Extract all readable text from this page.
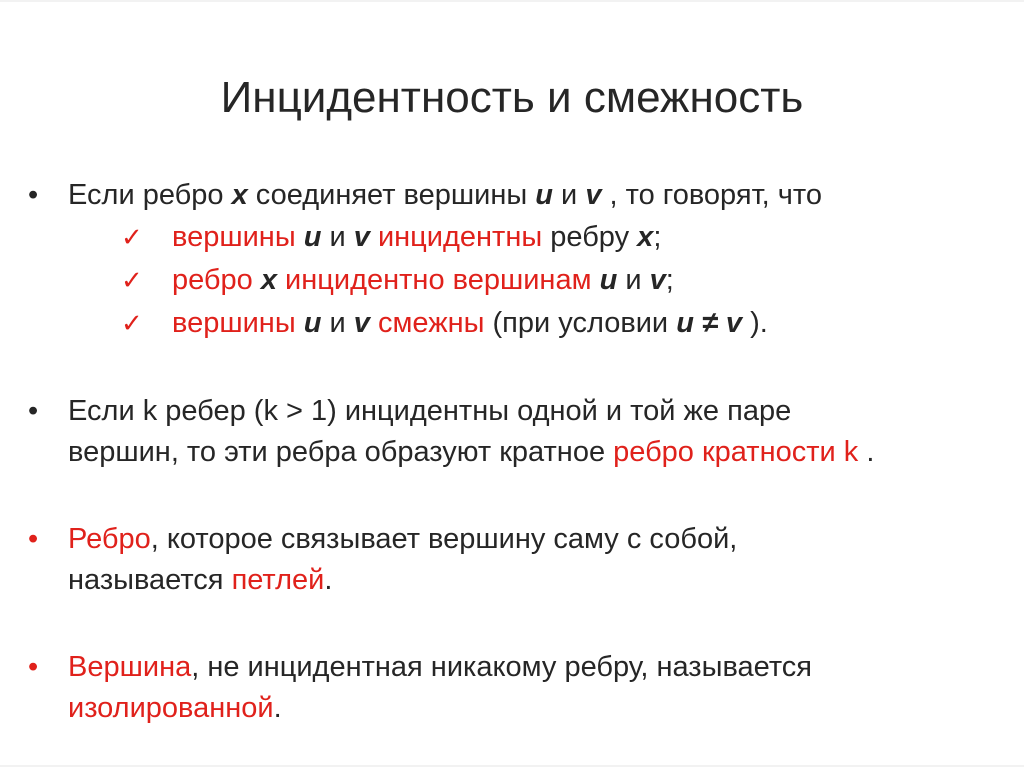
Инцидентность и смежность
• Если ребро x соединяет вершины u и v , то говорят, что
✓ вершины u и v инцидентны ребру x;
✓ ребро x инцидентно вершинам u и v;
✓ вершины u и v смежны (при условии u ≠ v ).
• Если k ребер (k > 1) инцидентны одной и той же паре
вершин, то эти ребра образуют кратное ребро кратности k .
• Ребро, которое связывает вершину саму с собой,
называется петлей.
• Вершина, не инцидентная никакому ребру, называется
изолированной.
